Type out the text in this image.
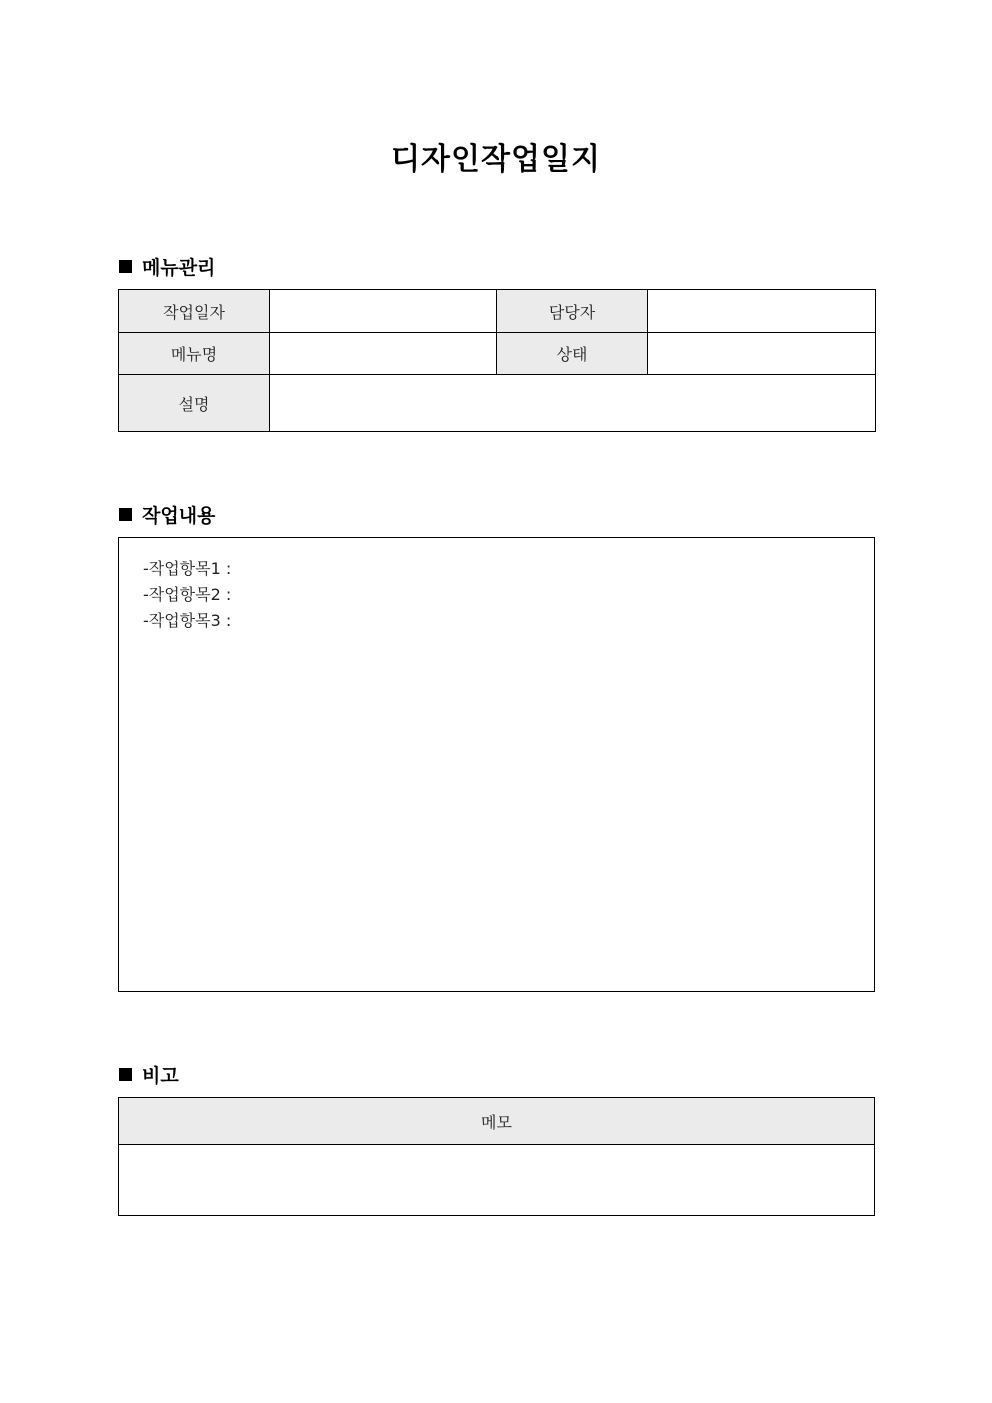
디자인작업일지
메뉴관리
작업일자		담당자	
메뉴명		상태	
설명			
작업내용
-작업항목1 :
-작업항목2 :
-작업항목3 :
비고
메모
